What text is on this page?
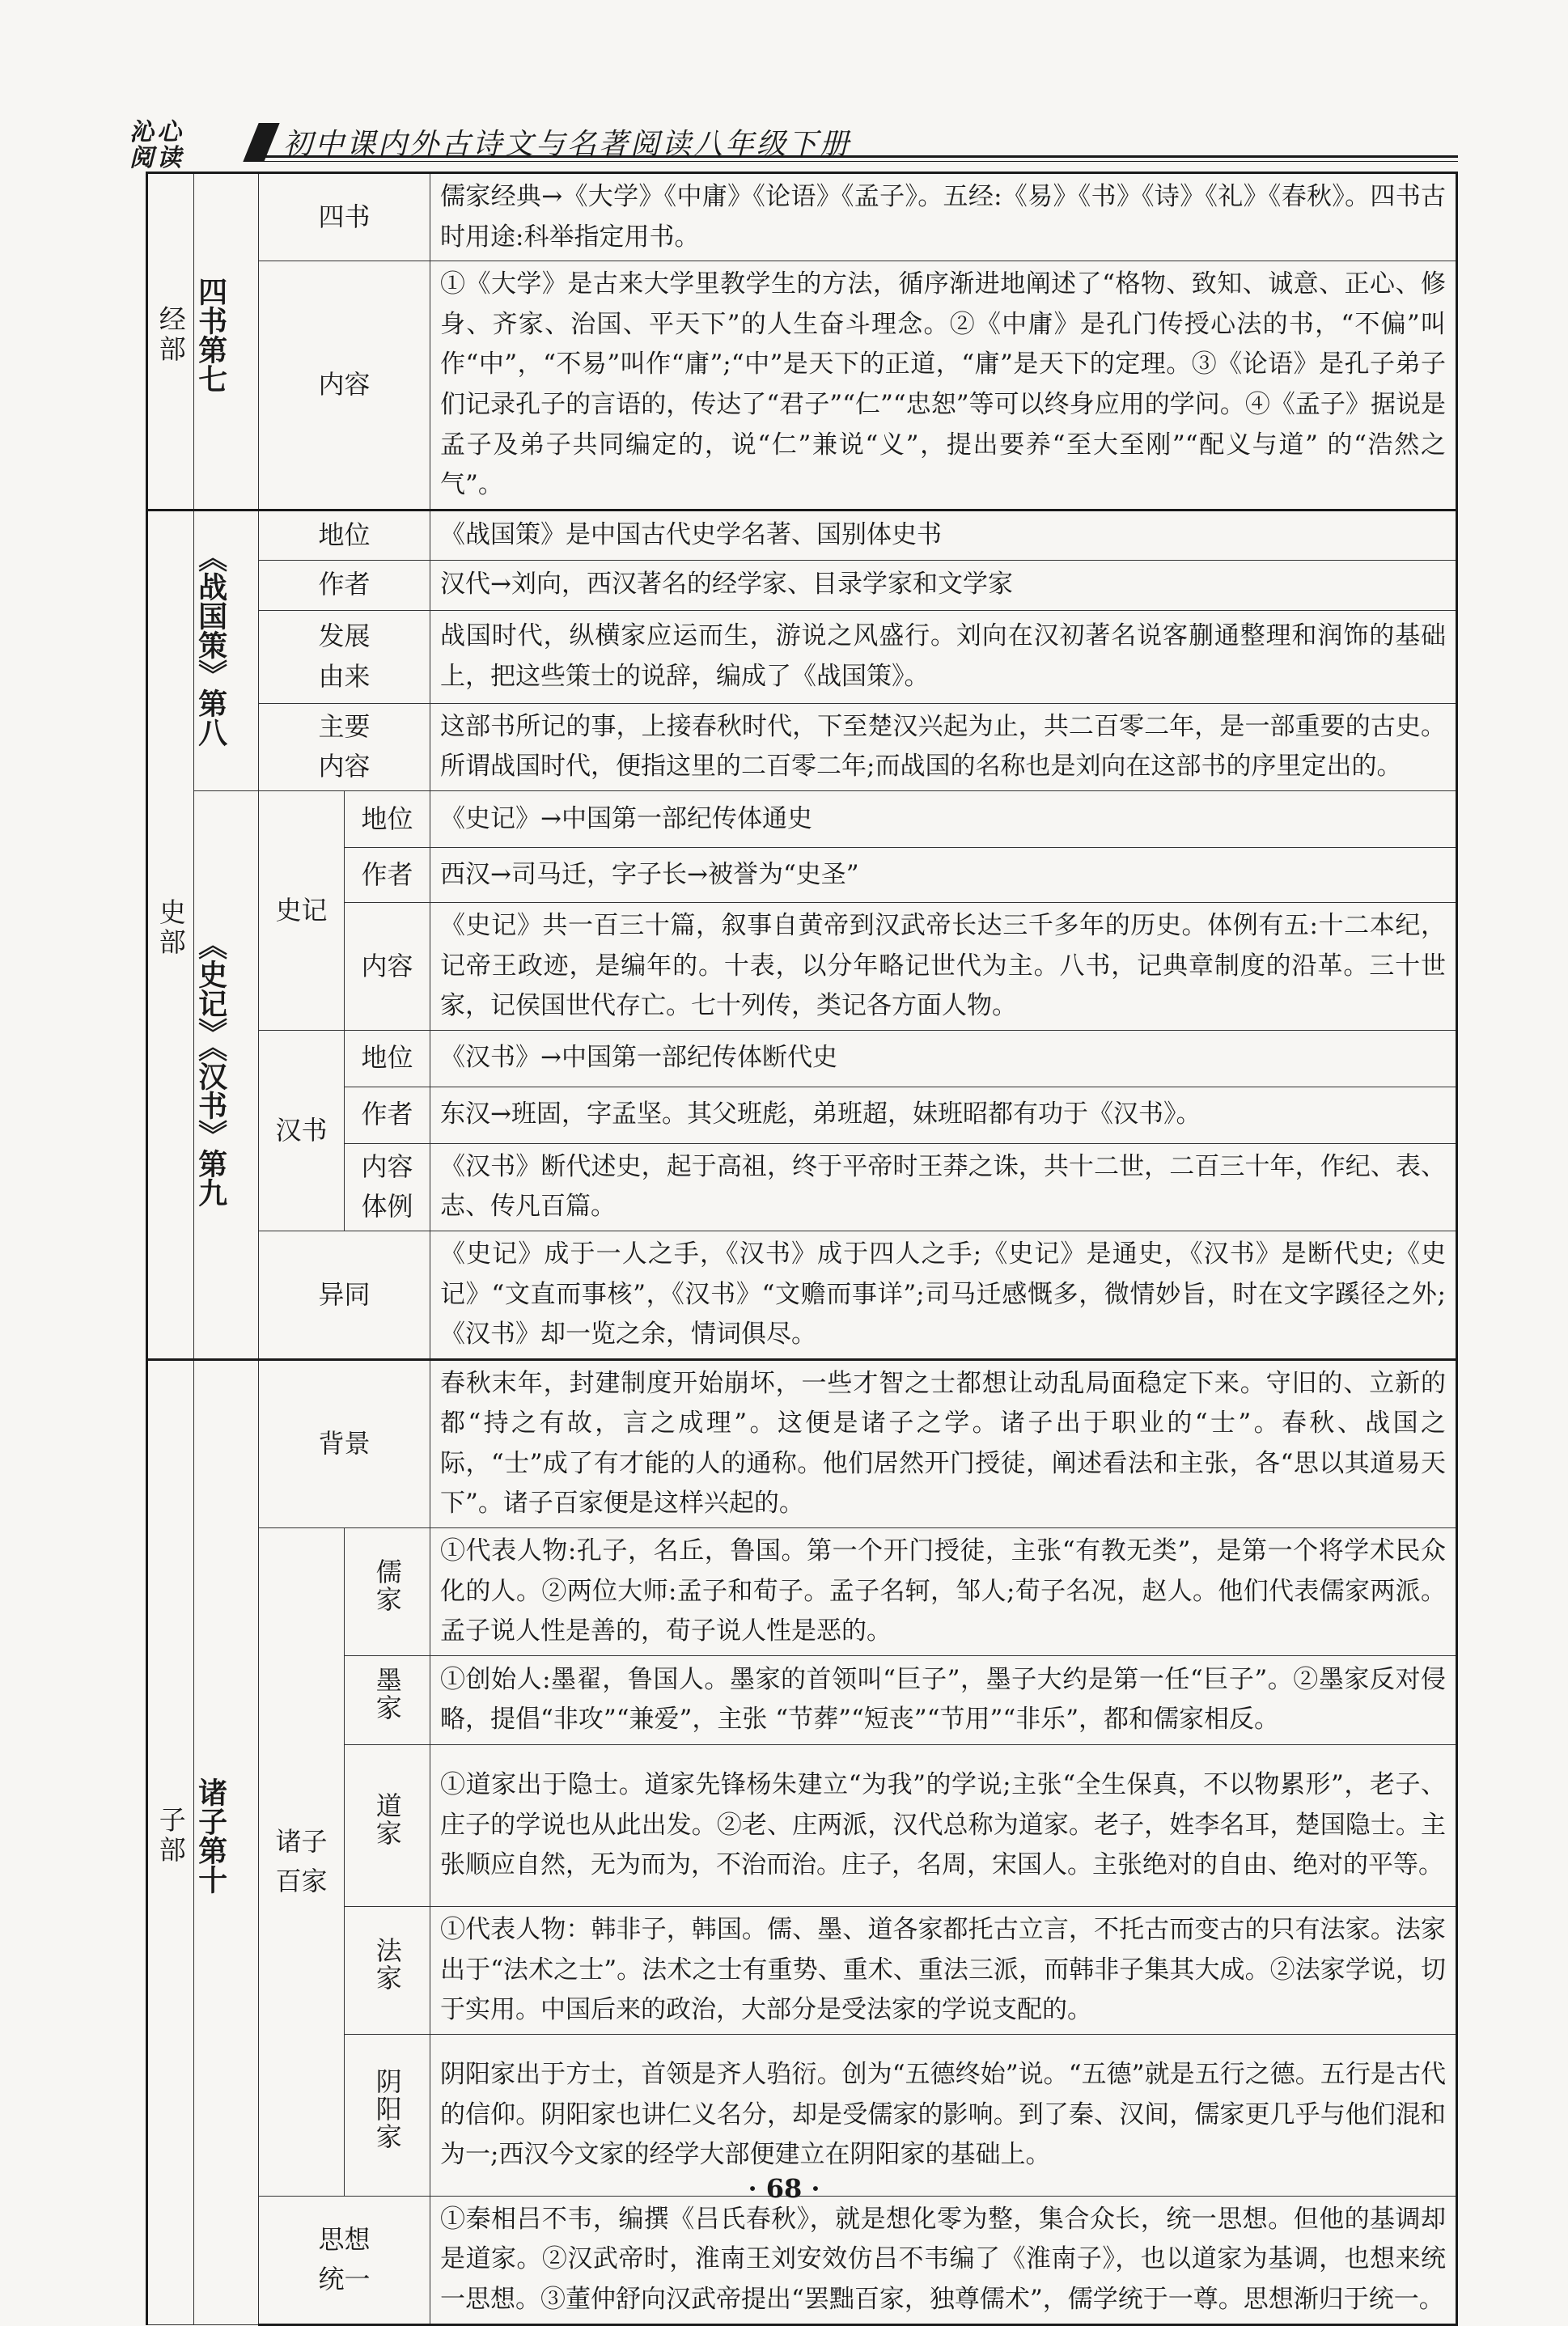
沁心
阅读	初中课内外古诗文与名著阅读八年级下册
经部	四书第七	四书		儒家经典→《大学》《中庸》《论语》《孟子》。五经:《易》《书》《诗》《礼》《春秋》。四书古时用途:科举指定用书。
		内容		①《大学》是古来大学里教学生的方法，循序渐进地阐述了“格物、致知、诚意、正心、修身、齐家、治国、平天下”的人生奋斗理念。②《中庸》是孔门传授心法的书，“不偏”叫作“中”，“不易”叫作“庸”;“中”是天下的正道，“庸”是天下的定理。③《论语》是孔子弟子们记录孔子的言语的，传达了“君子”“仁”“忠恕”等可以终身应用的学问。④《孟子》据说是孟子及弟子共同编定的，说“仁”兼说“义”，提出要养“至大至刚”“配义与道” 的“浩然之气”。
史部	《战国策》第八	地位		《战国策》是中国古代史学名著、国别体史书
		作者		汉代→刘向，西汉著名的经学家、目录学家和文学家

		发展由来		战国时代，纵横家应运而生，游说之风盛行。刘向在汉初著名说客蒯通整理和润饰的基础上，把这些策士的说辞，编成了《战国策》。

		主要内容		这部书所记的事，上接春秋时代，下至楚汉兴起为止，共二百零二年，是一部重要的古史。所谓战国时代，便指这里的二百零二年;而战国的名称也是刘向在这部书的序里定出的。
	《史记》《汉书》第九	史记	地位	《史记》→中国第一部纪传体通史
			作者	西汉→司马迁，字子长→被誉为“史圣”
			内容	《史记》共一百三十篇，叙事自黄帝到汉武帝长达三千多年的历史。体例有五:十二本纪，记帝王政迹，是编年的。十表，以分年略记世代为主。八书，记典章制度的沿革。三十世家，记侯国世代存亡。七十列传，类记各方面人物。
		汉书	地位	《汉书》→中国第一部纪传体断代史
			作者	东汉→班固，字孟坚。其父班彪，弟班超，妹班昭都有功于《汉书》。

			内容体例	《汉书》断代述史，起于高祖，终于平帝时王莽之诛，共十二世，二百三十年，作纪、表、志、传凡百篇。
		异同		《史记》成于一人之手，《汉书》成于四人之手;《史记》是通史，《汉书》是断代史;《史记》“文直而事核”，《汉书》“文赡而事详”;司马迁感慨多，微情妙旨，时在文字蹊径之外;《汉书》却一览之余，情词俱尽。
子部	诸子第十	背景		春秋末年，封建制度开始崩坏，一些才智之士都想让动乱局面稳定下来。守旧的、立新的都“持之有故，言之成理”。这便是诸子之学。诸子出于职业的“士”。春秋、战国之际，“士”成了有才能的人的通称。他们居然开门授徒，阐述看法和主张，各“思以其道易天下”。诸子百家便是这样兴起的。

		诸子百家	儒家	①代表人物:孔子，名丘，鲁国。第一个开门授徒，主张“有教无类”，是第一个将学术民众化的人。②两位大师:孟子和荀子。孟子名轲，邹人;荀子名况，赵人。他们代表儒家两派。孟子说人性是善的，荀子说人性是恶的。
			墨家	①创始人:墨翟，鲁国人。墨家的首领叫“巨子”，墨子大约是第一任“巨子”。②墨家反对侵略，提倡“非攻”“兼爱”，主张 “节葬”“短丧”“节用”“非乐”，都和儒家相反。
			道家	①道家出于隐士。道家先锋杨朱建立“为我”的学说;主张“全生保真，不以物累形”，老子、庄子的学说也从此出发。②老、庄两派，汉代总称为道家。老子，姓李名耳，楚国隐士。主张顺应自然，无为而为，不治而治。庄子，名周，宋国人。主张绝对的自由、绝对的平等。
			法家	①代表人物：韩非子，韩国。儒、墨、道各家都托古立言，不托古而变古的只有法家。法家出于“法术之士”。法术之士有重势、重术、重法三派，而韩非子集其大成。②法家学说，切于实用。中国后来的政治，大部分是受法家的学说支配的。
			阴阳家	阴阳家出于方士，首领是齐人驺衍。创为“五德终始”说。“五德”就是五行之德。五行是古代的信仰。阴阳家也讲仁义名分，却是受儒家的影响。到了秦、汉间，儒家更几乎与他们混和为一;西汉今文家的经学大部便建立在阴阳家的基础上。

		思想统一		①秦相吕不韦，编撰《吕氏春秋》，就是想化零为整，集合众长，统一思想。但他的基调却是道家。②汉武帝时，淮南王刘安效仿吕不韦编了《淮南子》，也以道家为基调，也想来统一思想。③董仲舒向汉武帝提出“罢黜百家，独尊儒术”，儒学统于一尊。思想渐归于统一。
· 68 ·
